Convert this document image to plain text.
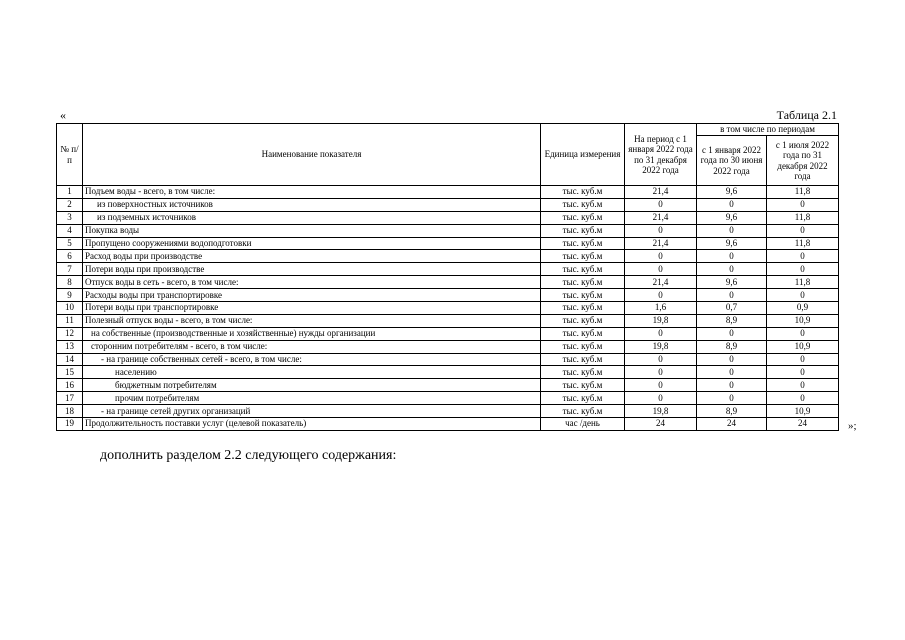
«	Таблица 2.1
№ п/п	Наименование показателя	Единица измерения	На период с 1 января 2022 года по 31 декабря 2022 года	в том числе по периодам	
				с 1 января 2022 года по 30 июня 2022 года	с 1 июля 2022 года по 31 декабря 2022 года
1	Подъем воды - всего, в том числе:	тыс. куб.м	21,4	9,6	11,8
2	из поверхностных источников	тыс. куб.м	0	0	0
3	из подземных источников	тыс. куб.м	21,4	9,6	11,8
4	Покупка воды	тыс. куб.м	0	0	0
5	Пропущено сооружениями водоподготовки	тыс. куб.м	21,4	9,6	11,8
6	Расход воды при производстве	тыс. куб.м	0	0	0
7	Потери воды при производстве	тыс. куб.м	0	0	0
8	Отпуск воды в сеть - всего, в том числе:	тыс. куб.м	21,4	9,6	11,8
9	Расходы воды при транспортировке	тыс. куб.м	0	0	0
10	Потери воды при транспортировке	тыс. куб.м	1,6	0,7	0,9
11	Полезный отпуск воды - всего, в том числе:	тыс. куб.м	19,8	8,9	10,9
12	на собственные (производственные и хозяйственные) нужды организации	тыс. куб.м	0	0	0
13	сторонним потребителям - всего, в том числе:	тыс. куб.м	19,8	8,9	10,9
14	- на границе собственных сетей - всего, в том числе:	тыс. куб.м	0	0	0
15	населению	тыс. куб.м	0	0	0
16	бюджетным потребителям	тыс. куб.м	0	0	0
17	прочим потребителям	тыс. куб.м	0	0	0
18	- на границе сетей других организаций	тыс. куб.м	19,8	8,9	10,9
19	Продолжительность поставки услуг (целевой показатель)	час /день	24	24	24	»;
дополнить разделом 2.2 следующего содержания:
